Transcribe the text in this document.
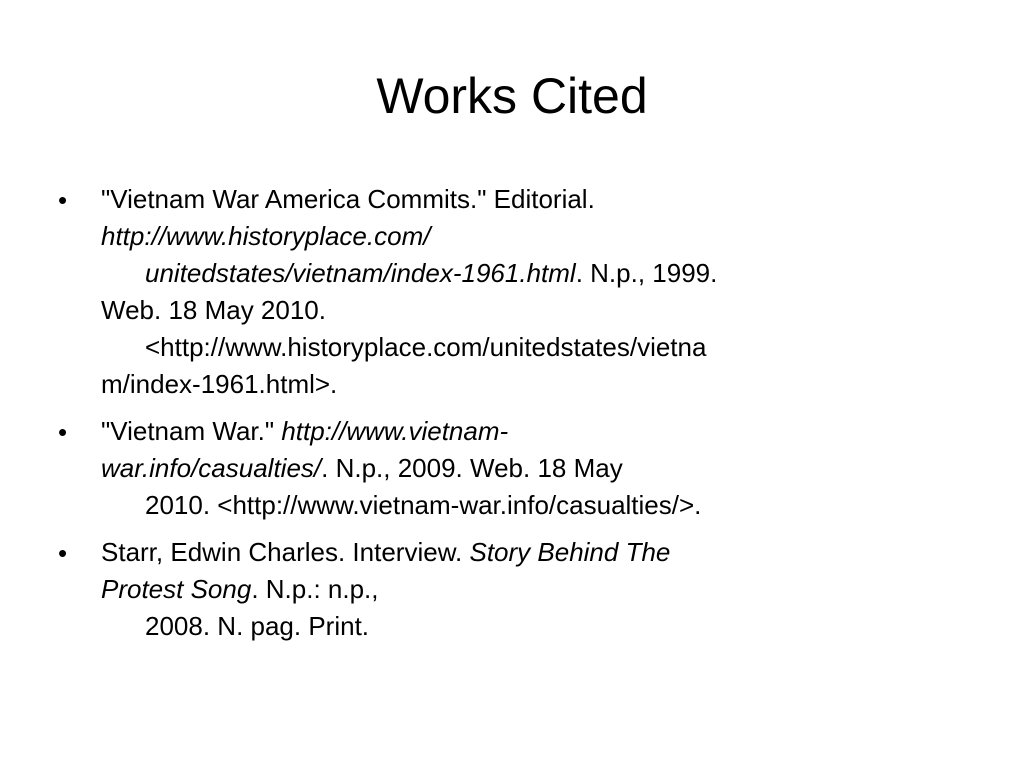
Works Cited
• "Vietnam War America Commits." Editorial.
http://www.historyplace.com/
unitedstates/vietnam/index-1961.html. N.p., 1999.
Web. 18 May 2010.
<http://www.historyplace.com/unitedstates/vietna
m/index-1961.html>.
• "Vietnam War." http://www.vietnam-
war.info/casualties/. N.p., 2009. Web. 18 May
2010. <http://www.vietnam-war.info/casualties/>.
• Starr, Edwin Charles. Interview. Story Behind The
Protest Song. N.p.: n.p.,
2008. N. pag. Print.
